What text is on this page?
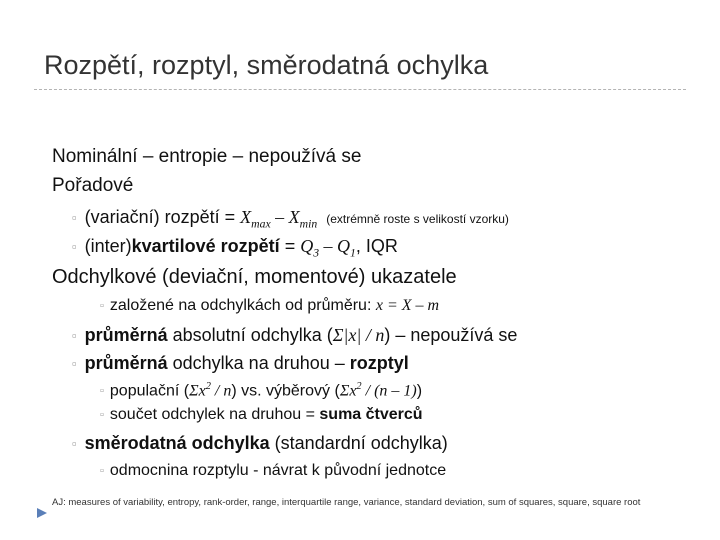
Rozpětí, rozptyl, směrodatná ochylka
Nominální – entropie – nepoužívá se
Pořadové
▫ (variační) rozpětí = $X_{max} - X_{min}$ (extrémně roste s velikostí vzorku)
▫ (inter)kvartilové rozpětí = $Q_3 - Q_1$, IQR
Odchylkové (deviační, momentové) ukazatele
▫ založené na odchylkách od průměru: x = X – m
▫ průměrná absolutní odchylka (Σ|x| / n) – nepoužívá se
▫ průměrná odchylka na druhou – rozptyl
▫ populační $(\Sigma x^2 / n)$ vs. výběrový $(\Sigma x^2 / (n - 1))$
▫ součet odchylek na druhou = suma čtverců
▫ směrodatná odchylka (standardní odchylka)
▫ odmocnina rozptylu - návrat k původní jednotce
AJ: measures of variability, entropy, rank-order, range, interquartile range, variance, standard deviation, sum of squares, square, square root
